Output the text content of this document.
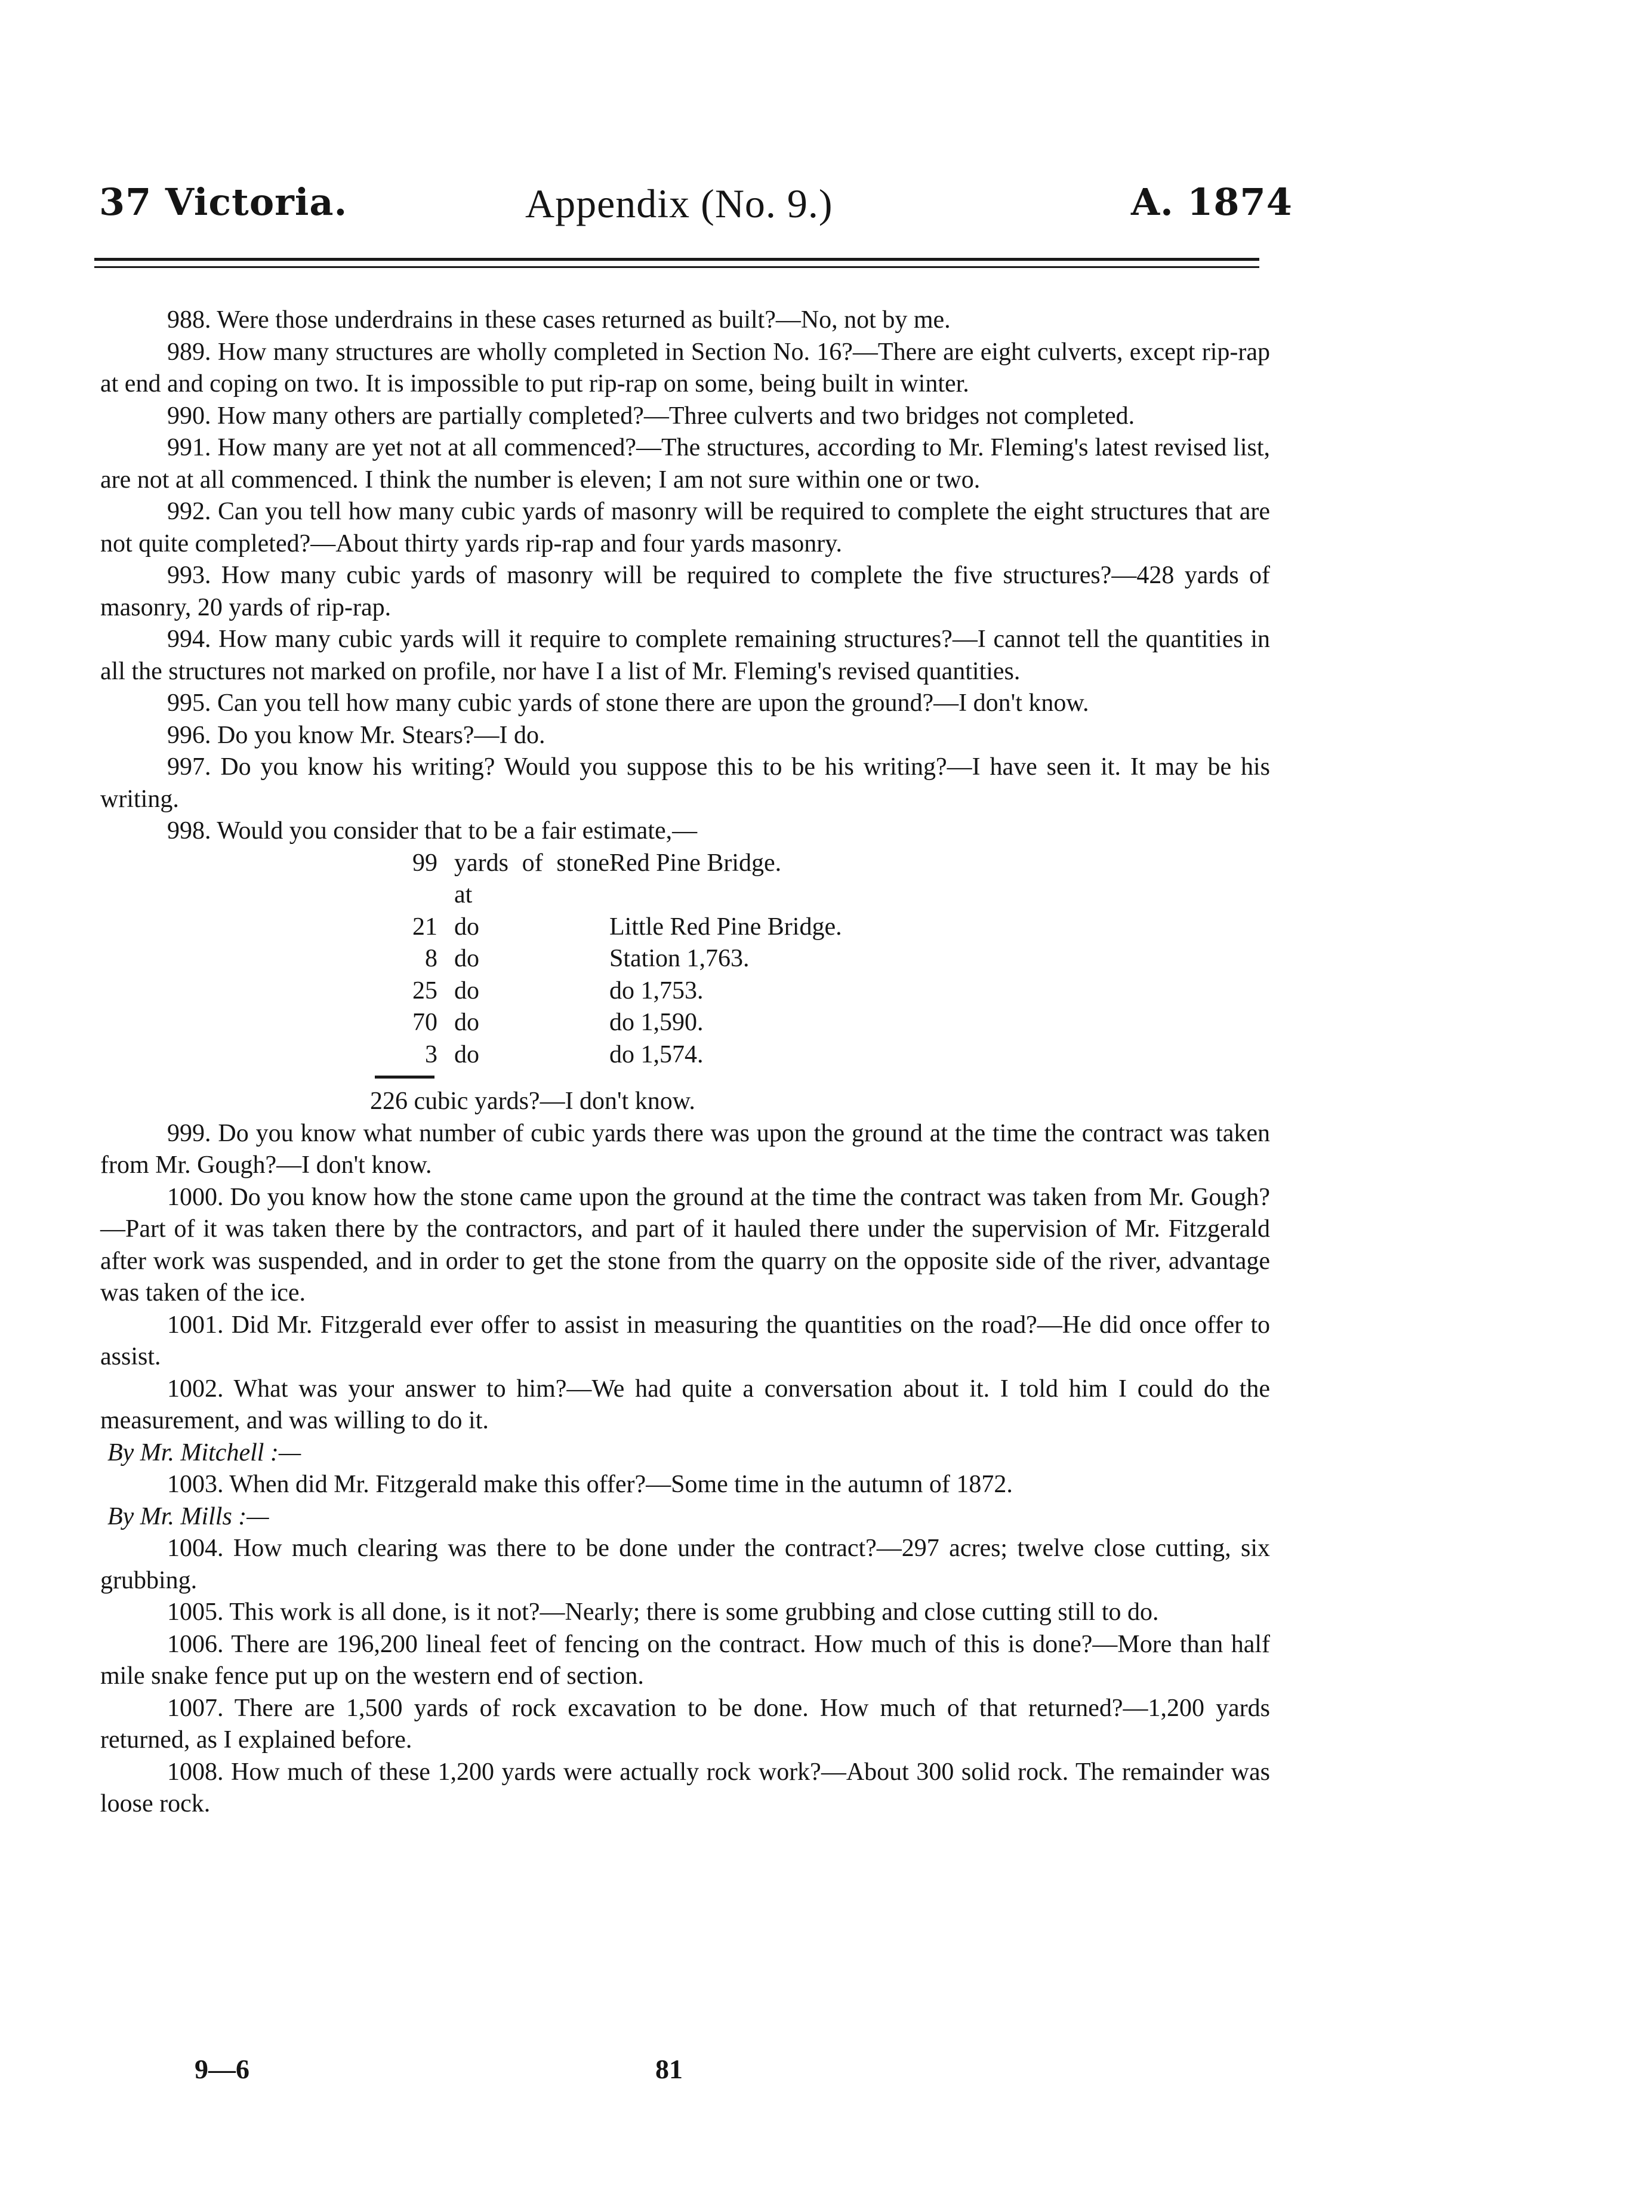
37 Victoria.	Appendix (No. 9.)	A. 1874

988. Were those underdrains in these cases returned as built?—No, not by me.

989. How many structures are wholly completed in Section No. 16?—There are eight culverts, except rip-rap at end and coping on two. It is impossible to put rip-rap on some, being built in winter.

990. How many others are partially completed?—Three culverts and two bridges not completed.

991. How many are yet not at all commenced?—The structures, according to Mr. Fleming's latest revised list, are not at all commenced. I think the number is eleven; I am not sure within one or two.

992. Can you tell how many cubic yards of masonry will be required to complete the eight structures that are not quite completed?—About thirty yards rip-rap and four yards masonry.

993. How many cubic yards of masonry will be required to complete the five structures?—428 yards of masonry, 20 yards of rip-rap.

994. How many cubic yards will it require to complete remaining structures?—I cannot tell the quantities in all the structures not marked on profile, nor have I a list of Mr. Fleming's revised quantities.

995. Can you tell how many cubic yards of stone there are upon the ground?—I don't know.

996. Do you know Mr. Stears?—I do.

997. Do you know his writing? Would you suppose this to be his writing?—I have seen it. It may be his writing.

998. Would you consider that to be a fair estimate,—

99	yards of stone at	Red Pine Bridge.
21	do	Little Red Pine Bridge.
8	do	Station 1,763.
25	do	do 1,753.
70	do	do 1,590.
3	do	do 1,574.
226 cubic yards?—I don't know.

999. Do you know what number of cubic yards there was upon the ground at the time the contract was taken from Mr. Gough?—I don't know.

1000. Do you know how the stone came upon the ground at the time the contract was taken from Mr. Gough?—Part of it was taken there by the contractors, and part of it hauled there under the supervision of Mr. Fitzgerald after work was suspended, and in order to get the stone from the quarry on the opposite side of the river, advantage was taken of the ice.

1001. Did Mr. Fitzgerald ever offer to assist in measuring the quantities on the road?—He did once offer to assist.

1002. What was your answer to him?—We had quite a conversation about it. I told him I could do the measurement, and was willing to do it.

By Mr. Mitchell :—

1003. When did Mr. Fitzgerald make this offer?—Some time in the autumn of 1872.

By Mr. Mills :—

1004. How much clearing was there to be done under the contract?—297 acres; twelve close cutting, six grubbing.

1005. This work is all done, is it not?—Nearly; there is some grubbing and close cutting still to do.

1006. There are 196,200 lineal feet of fencing on the contract. How much of this is done?—More than half mile snake fence put up on the western end of section.

1007. There are 1,500 yards of rock excavation to be done. How much of that returned?—1,200 yards returned, as I explained before.

1008. How much of these 1,200 yards were actually rock work?—About 300 solid rock. The remainder was loose rock.

9—6	81
